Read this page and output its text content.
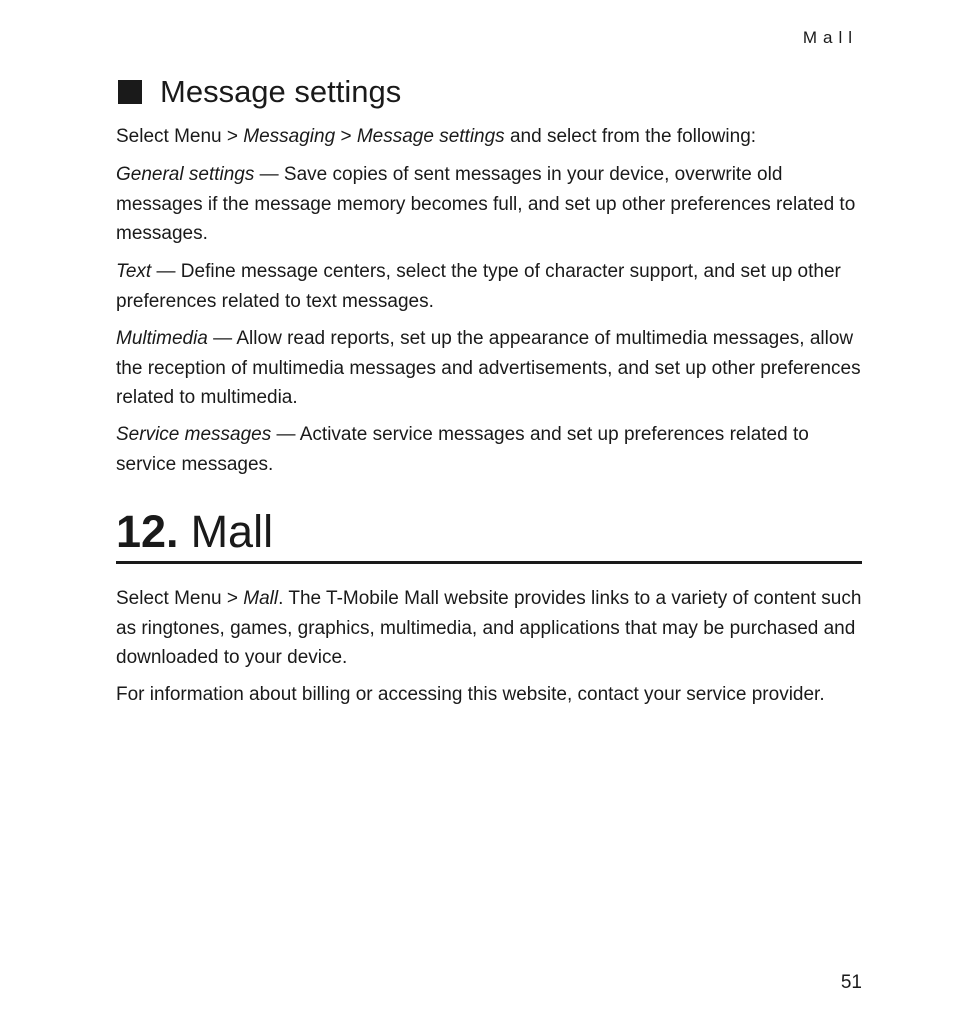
Mall
Message settings

Select Menu > Messaging > Message settings and select from the following:

General settings — Save copies of sent messages in your device, overwrite old messages if the message memory becomes full, and set up other preferences related to messages.

Text — Define message centers, select the type of character support, and set up other preferences related to text messages.

Multimedia — Allow read reports, set up the appearance of multimedia messages, allow the reception of multimedia messages and advertisements, and set up other preferences related to multimedia.

Service messages — Activate service messages and set up preferences related to service messages.

12. Mall

Select Menu > Mall. The T-Mobile Mall website provides links to a variety of content such as ringtones, games, graphics, multimedia, and applications that may be purchased and downloaded to your device.

For information about billing or accessing this website, contact your service provider.

51
